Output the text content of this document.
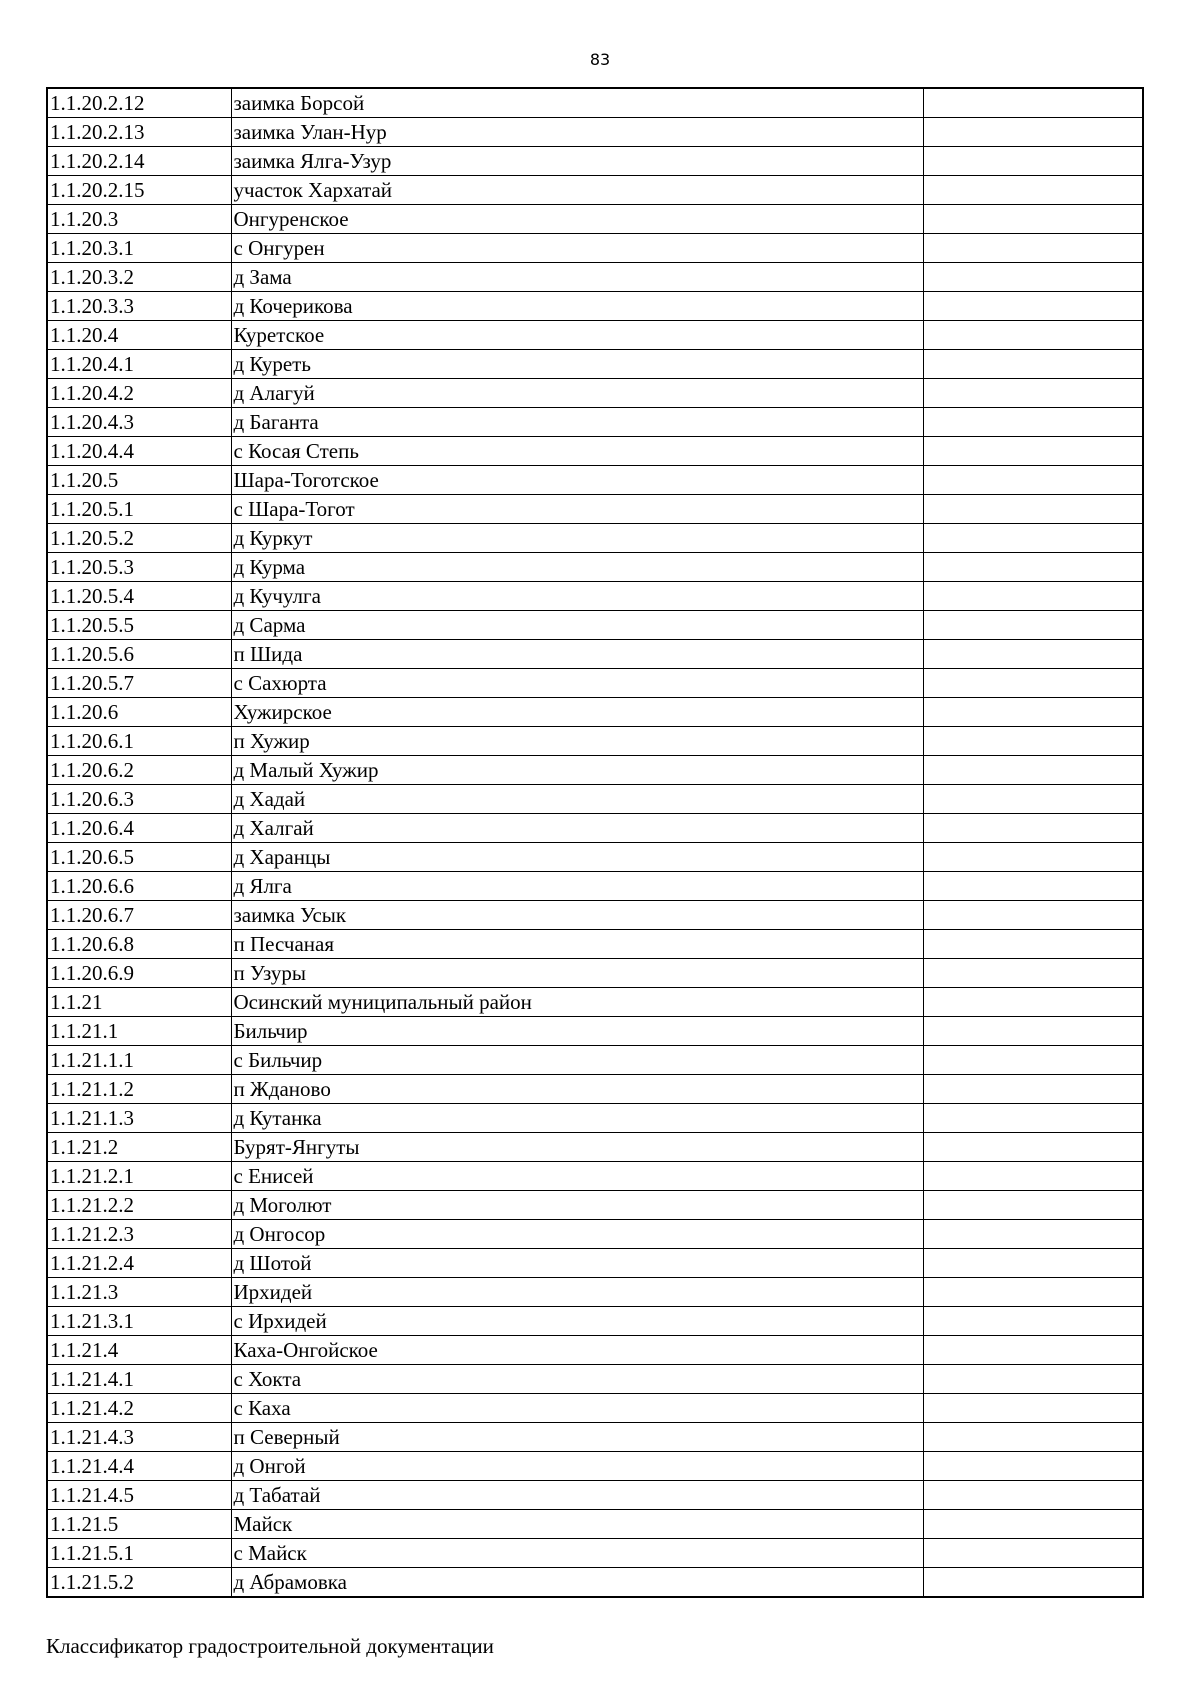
83
1.1.20.2.12	заимка Борсой	
1.1.20.2.13	заимка Улан-Нур	
1.1.20.2.14	заимка Ялга-Узур	
1.1.20.2.15	участок Хархатай	
1.1.20.3	Онгуренское	
1.1.20.3.1	с Онгурен	
1.1.20.3.2	д Зама	
1.1.20.3.3	д Кочерикова	
1.1.20.4	Куретское	
1.1.20.4.1	д Куреть	
1.1.20.4.2	д Алагуй	
1.1.20.4.3	д Баганта	
1.1.20.4.4	с Косая Степь	
1.1.20.5	Шара-Тоготское	
1.1.20.5.1	с Шара-Тогот	
1.1.20.5.2	д Куркут	
1.1.20.5.3	д Курма	
1.1.20.5.4	д Кучулга	
1.1.20.5.5	д Сарма	
1.1.20.5.6	п Шида	
1.1.20.5.7	с Сахюрта	
1.1.20.6	Хужирское	
1.1.20.6.1	п Хужир	
1.1.20.6.2	д Малый Хужир	
1.1.20.6.3	д Хадай	
1.1.20.6.4	д Халгай	
1.1.20.6.5	д Харанцы	
1.1.20.6.6	д Ялга	
1.1.20.6.7	заимка Усык	
1.1.20.6.8	п Песчаная	
1.1.20.6.9	п Узуры	
1.1.21	Осинский муниципальный район	
1.1.21.1	Бильчир	
1.1.21.1.1	с Бильчир	
1.1.21.1.2	п Жданово	
1.1.21.1.3	д Кутанка	
1.1.21.2	Бурят-Янгуты	
1.1.21.2.1	с Енисей	
1.1.21.2.2	д Моголют	
1.1.21.2.3	д Онгосор	
1.1.21.2.4	д Шотой	
1.1.21.3	Ирхидей	
1.1.21.3.1	с Ирхидей	
1.1.21.4	Каха-Онгойское	
1.1.21.4.1	с Хокта	
1.1.21.4.2	с Каха	
1.1.21.4.3	п Северный	
1.1.21.4.4	д Онгой	
1.1.21.4.5	д Табатай	
1.1.21.5	Майск	
1.1.21.5.1	с Майск	
1.1.21.5.2	д Абрамовка	
Классификатор градостроительной документации
